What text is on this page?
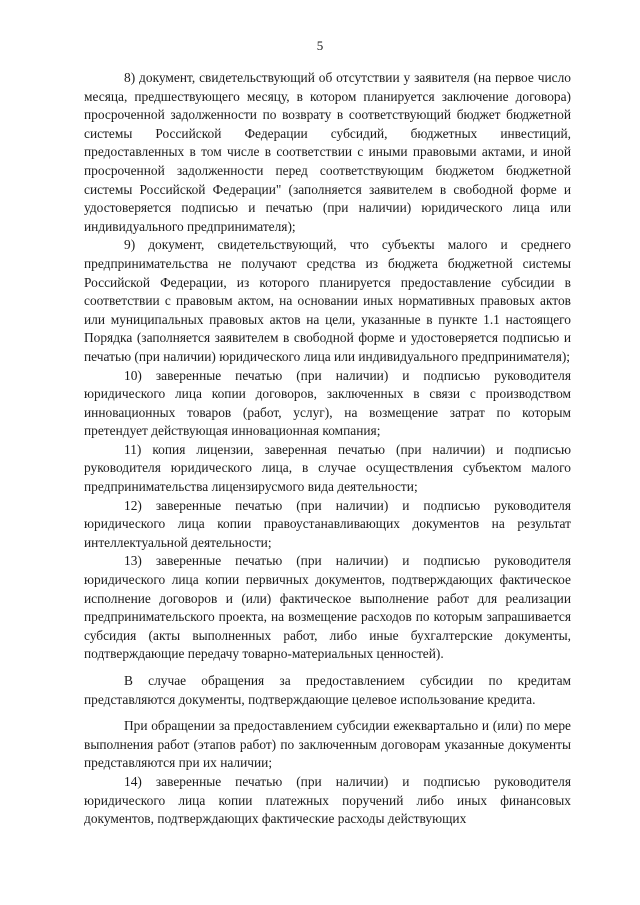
5

8) документ, свидетельствующий об отсутствии у заявителя (на первое число месяца, предшествующего месяцу, в котором планируется заключение договора) просроченной задолженности по возврату в соответствующий бюджет бюджетной системы Российской Федерации субсидий, бюджетных инвестиций, предоставленных в том числе в соответствии с иными правовыми актами, и иной просроченной задолженности перед соответствующим бюджетом бюджетной системы Российской Федерации" (заполняется заявителем в свободной форме и удостоверяется подписью и печатью (при наличии) юридического лица или индивидуального предпринимателя);

9) документ, свидетельствующий, что субъекты малого и среднего предпринимательства не получают средства из бюджета бюджетной системы Российской Федерации, из которого планируется предоставление субсидии в соответствии с правовым актом, на основании иных нормативных правовых актов или муниципальных правовых актов на цели, указанные в пункте 1.1 настоящего Порядка (заполняется заявителем в свободной форме и удостоверяется подписью и печатью (при наличии) юридического лица или индивидуального предпринимателя);

10) заверенные печатью (при наличии) и подписью руководителя юридического лица копии договоров, заключенных в связи с производством инновационных товаров (работ, услуг), на возмещение затрат по которым претендует действующая инновационная компания;

11) копия лицензии, заверенная печатью (при наличии) и подписью руководителя юридического лица, в случае осуществления субъектом малого предпринимательства лицензирусмого вида деятельности;

12) заверенные печатью (при наличии) и подписью руководителя юридического лица копии правоустанавливающих документов на результат интеллектуальной деятельности;

13) заверенные печатью (при наличии) и подписью руководителя юридического лица копии первичных документов, подтверждающих фактическое исполнение договоров и (или) фактическое выполнение работ для реализации предпринимательского проекта, на возмещение расходов по которым запрашивается субсидия (акты выполненных работ, либо иные бухгалтерские документы, подтверждающие передачу товарно-материальных ценностей).

В случае обращения за предоставлением субсидии по кредитам представляются документы, подтверждающие целевое использование кредита.

При обращении за предоставлением субсидии ежеквартально и (или) по мере выполнения работ (этапов работ) по заключенным договорам указанные документы представляются при их наличии;

14) заверенные печатью (при наличии) и подписью руководителя юридического лица копии платежных поручений либо иных финансовых документов, подтверждающих фактические расходы действующих
